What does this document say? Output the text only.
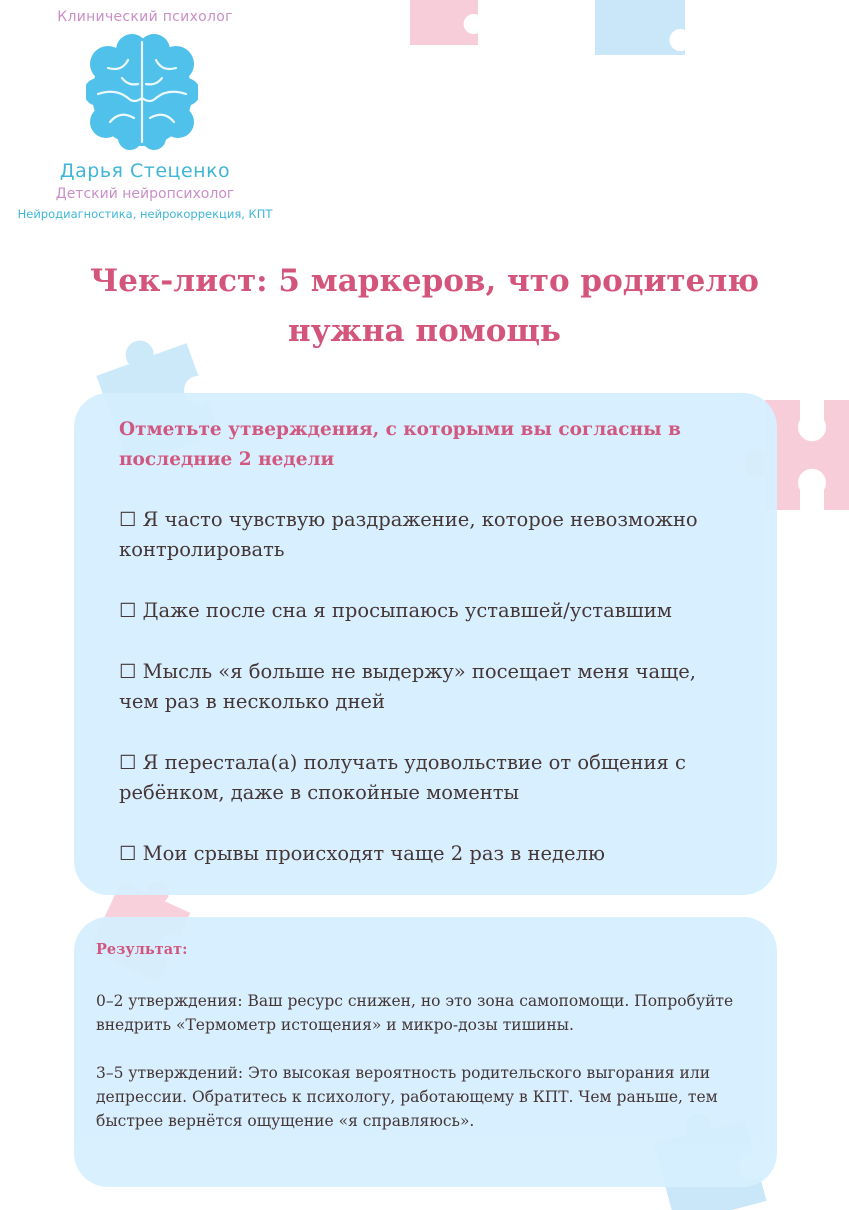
Клинический психолог
Дарья Стеценко
Детский нейропсихолог
Нейродиагностика, нейрокоррекция, КПТ
Чек-лист: 5 маркеров, что родителю нужна помощь
Отметьте утверждения, с которыми вы согласны в последние 2 недели
☐ Я часто чувствую раздражение, которое невозможно контролировать
☐ Даже после сна я просыпаюсь уставшей/уставшим
☐ Мысль «я больше не выдержу» посещает меня чаще, чем раз в несколько дней
☐ Я перестала(а) получать удовольствие от общения с ребёнком, даже в спокойные моменты
☐ Мои срывы происходят чаще 2 раз в неделю
Результат:

0–2 утверждения: Ваш ресурс снижен, но это зона самопомощи. Попробуйте внедрить «Термометр истощения» и микро-дозы тишины.

3–5 утверждений: Это высокая вероятность родительского выгорания или депрессии. Обратитесь к психологу, работающему в КПТ. Чем раньше, тем быстрее вернётся ощущение «я справляюсь».
